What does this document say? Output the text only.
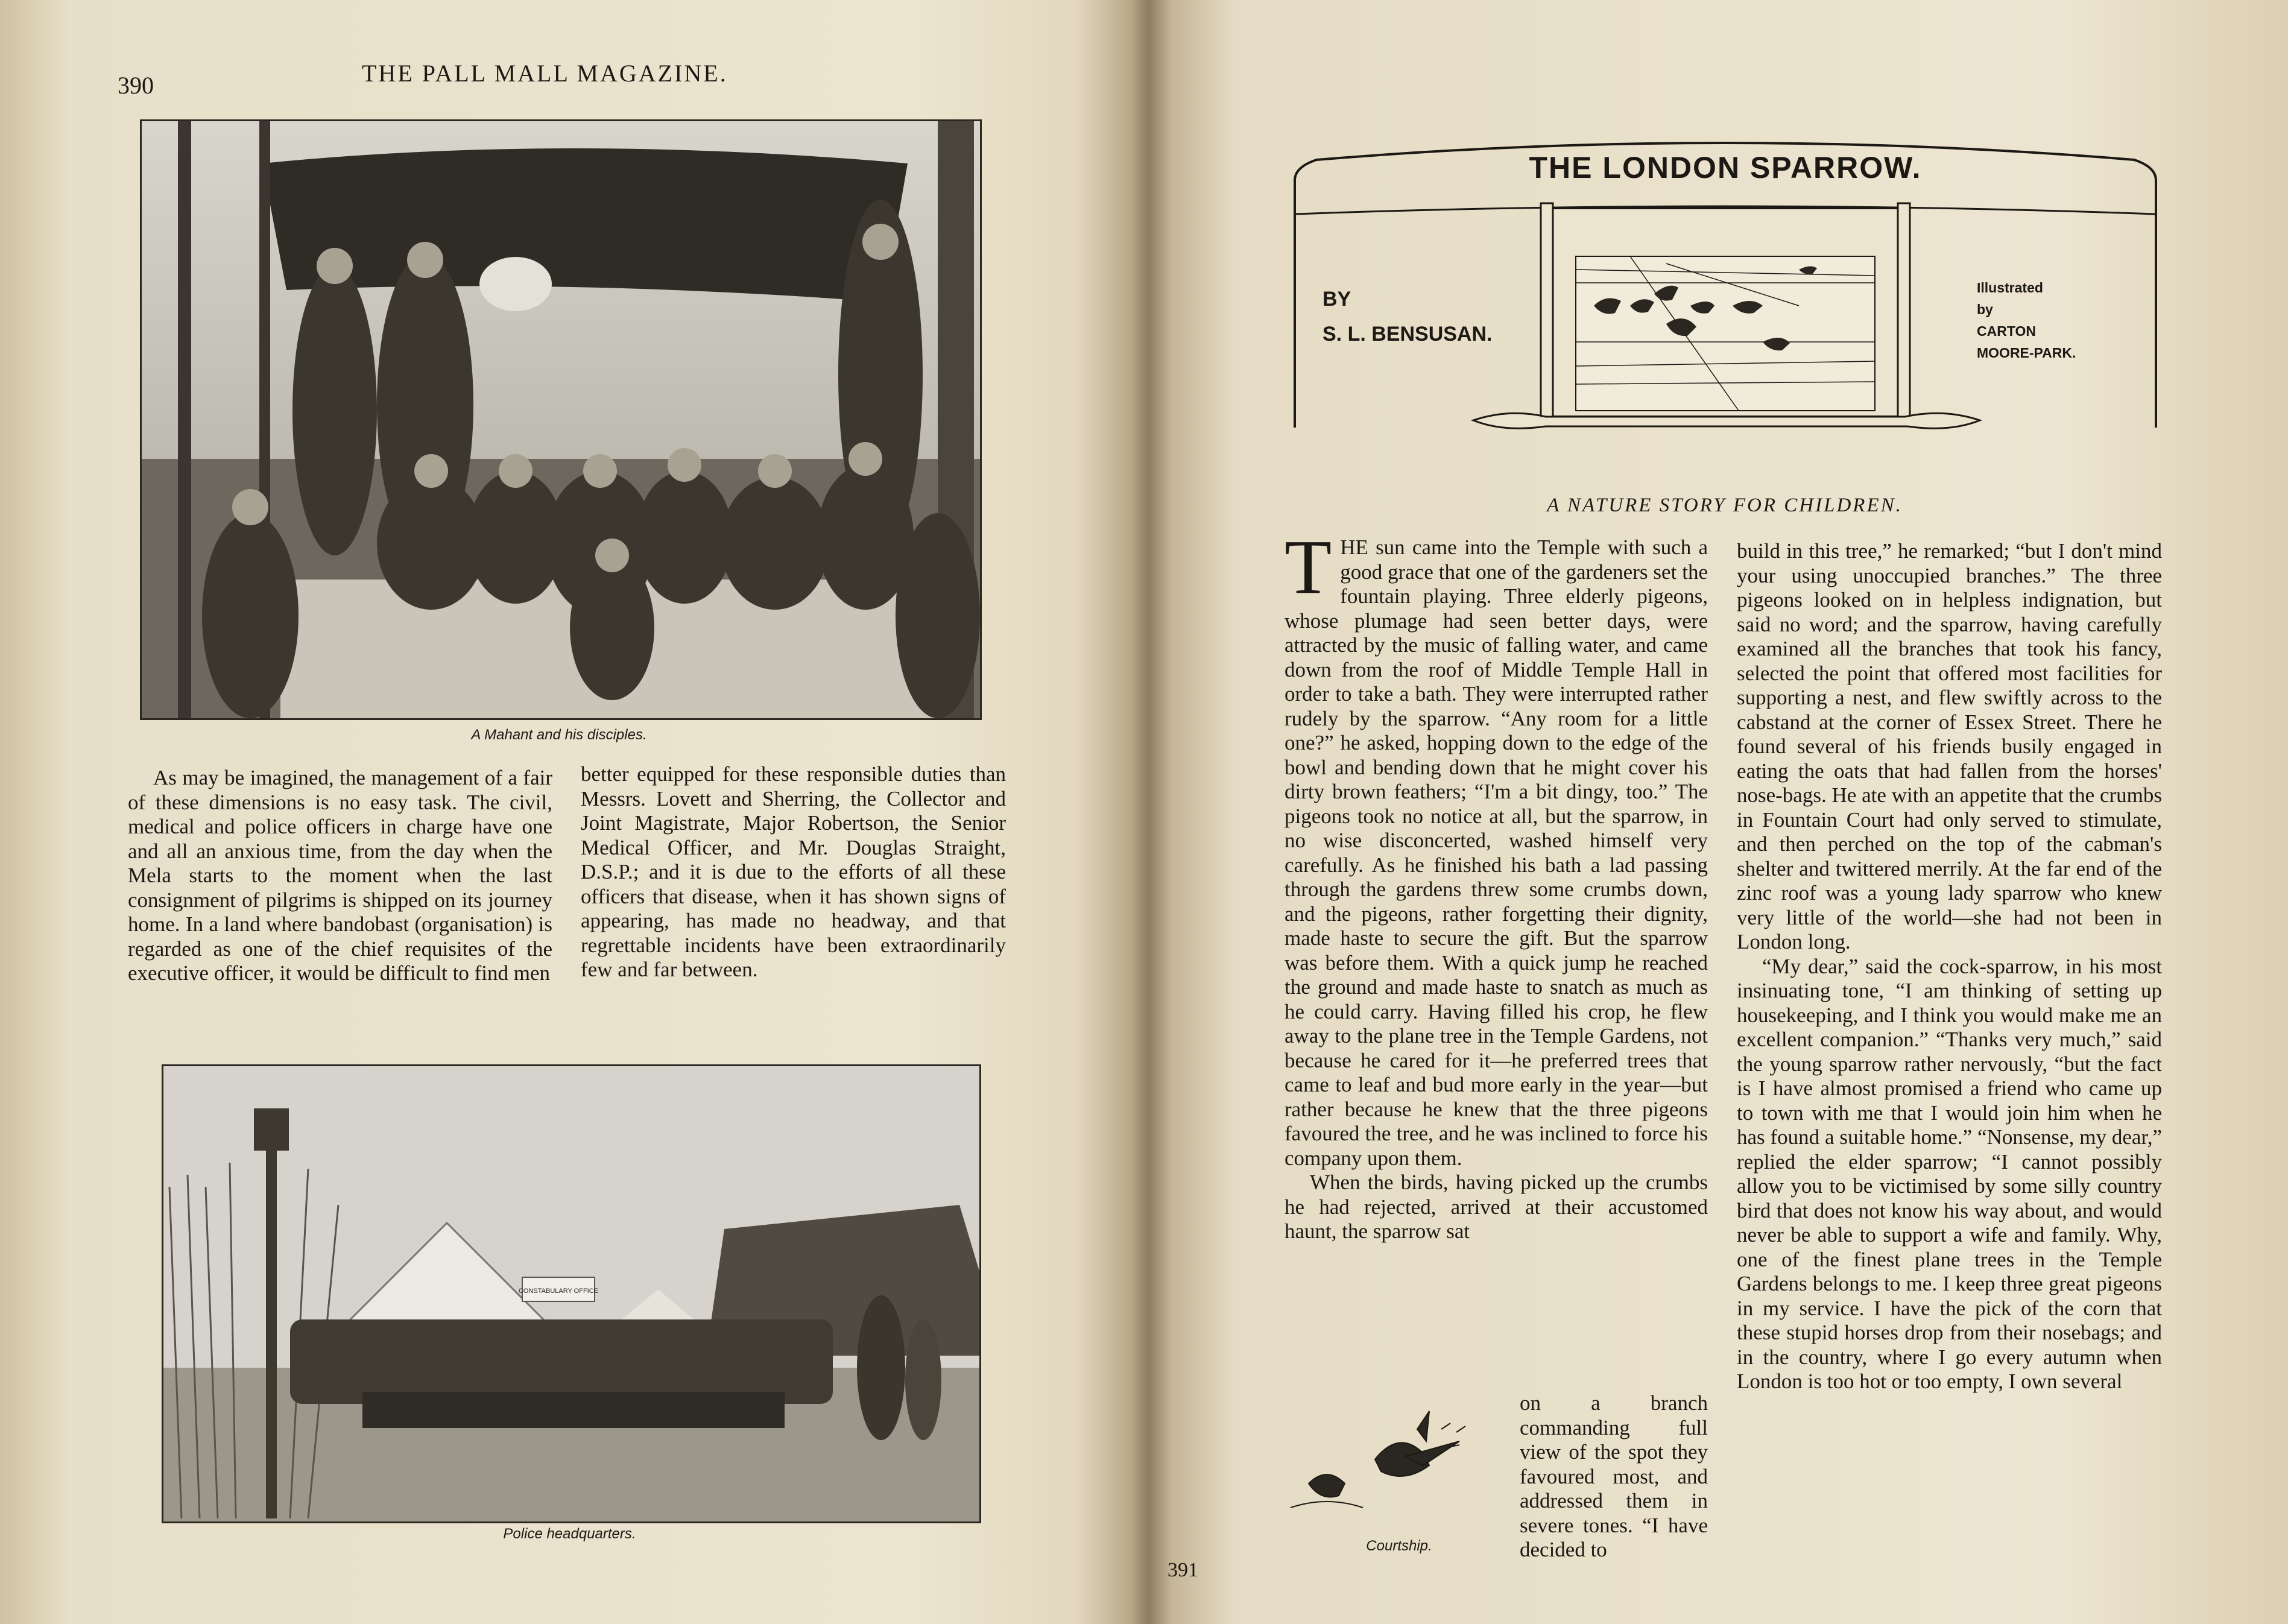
390	THE PALL MALL MAGAZINE.
A Mahant and his disciples.

As may be imagined, the management of a fair of these dimensions is no easy task. The civil, medical and police officers in charge have one and all an anxious time, from the day when the Mela starts to the moment when the last consignment of pilgrims is shipped on its journey home. In a land where bandobast (organisation) is regarded as one of the chief requisites of the executive officer, it would be difficult to find men

better equipped for these responsible duties than Messrs. Lovett and Sherring, the Collector and Joint Magistrate, Major Robertson, the Senior Medical Officer, and Mr. Douglas Straight, D.S.P.; and it is due to the efforts of all these officers that disease, when it has shown signs of appearing, has made no headway, and that regrettable incidents have been extraordinarily few and far between.

CONSTABULARY OFFICE
Police headquarters.
THE LONDON SPARROW.
BY
S. L. BENSUSAN.
Illustrated
by
CARTON
MOORE-PARK.
A NATURE STORY FOR CHILDREN.

THE sun came into the Temple with such a good grace that one of the gardeners set the fountain playing. Three elderly pigeons, whose plumage had seen better days, were attracted by the music of falling water, and came down from the roof of Middle Temple Hall in order to take a bath. They were interrupted rather rudely by the sparrow. “Any room for a little one?” he asked, hopping down to the edge of the bowl and bending down that he might cover his dirty brown feathers; “I'm a bit dingy, too.” The pigeons took no notice at all, but the sparrow, in no wise disconcerted, washed himself very carefully. As he finished his bath a lad passing through the gardens threw some crumbs down, and the pigeons, rather forgetting their dignity, made haste to secure the gift. But the sparrow was before them. With a quick jump he reached the ground and made haste to snatch as much as he could carry. Having filled his crop, he flew away to the plane tree in the Temple Gardens, not because he cared for it—he preferred trees that came to leaf and bud more early in the year—but rather because he knew that the three pigeons favoured the tree, and he was inclined to force his company upon them.

When the birds, having picked up the crumbs he had rejected, arrived at their accustomed haunt, the sparrow sat

on a branch commanding full view of the spot they favoured most, and addressed them in severe tones. “I have decided to

Courtship.

build in this tree,” he remarked; “but I don't mind your using unoccupied branches.” The three pigeons looked on in helpless indignation, but said no word; and the sparrow, having carefully examined all the branches that took his fancy, selected the point that offered most facilities for supporting a nest, and flew swiftly across to the cabstand at the corner of Essex Street. There he found several of his friends busily engaged in eating the oats that had fallen from the horses' nose-bags. He ate with an appetite that the crumbs in Fountain Court had only served to stimulate, and then perched on the top of the cabman's shelter and twittered merrily. At the far end of the zinc roof was a young lady sparrow who knew very little of the world—she had not been in London long.

“My dear,” said the cock-sparrow, in his most insinuating tone, “I am thinking of setting up housekeeping, and I think you would make me an excellent companion.” “Thanks very much,” said the young sparrow rather nervously, “but the fact is I have almost promised a friend who came up to town with me that I would join him when he has found a suitable home.” “Nonsense, my dear,” replied the elder sparrow; “I cannot possibly allow you to be victimised by some silly country bird that does not know his way about, and would never be able to support a wife and family. Why, one of the finest plane trees in the Temple Gardens belongs to me. I keep three great pigeons in my service. I have the pick of the corn that these stupid horses drop from their nosebags; and in the country, where I go every autumn when London is too hot or too empty, I own several

391
